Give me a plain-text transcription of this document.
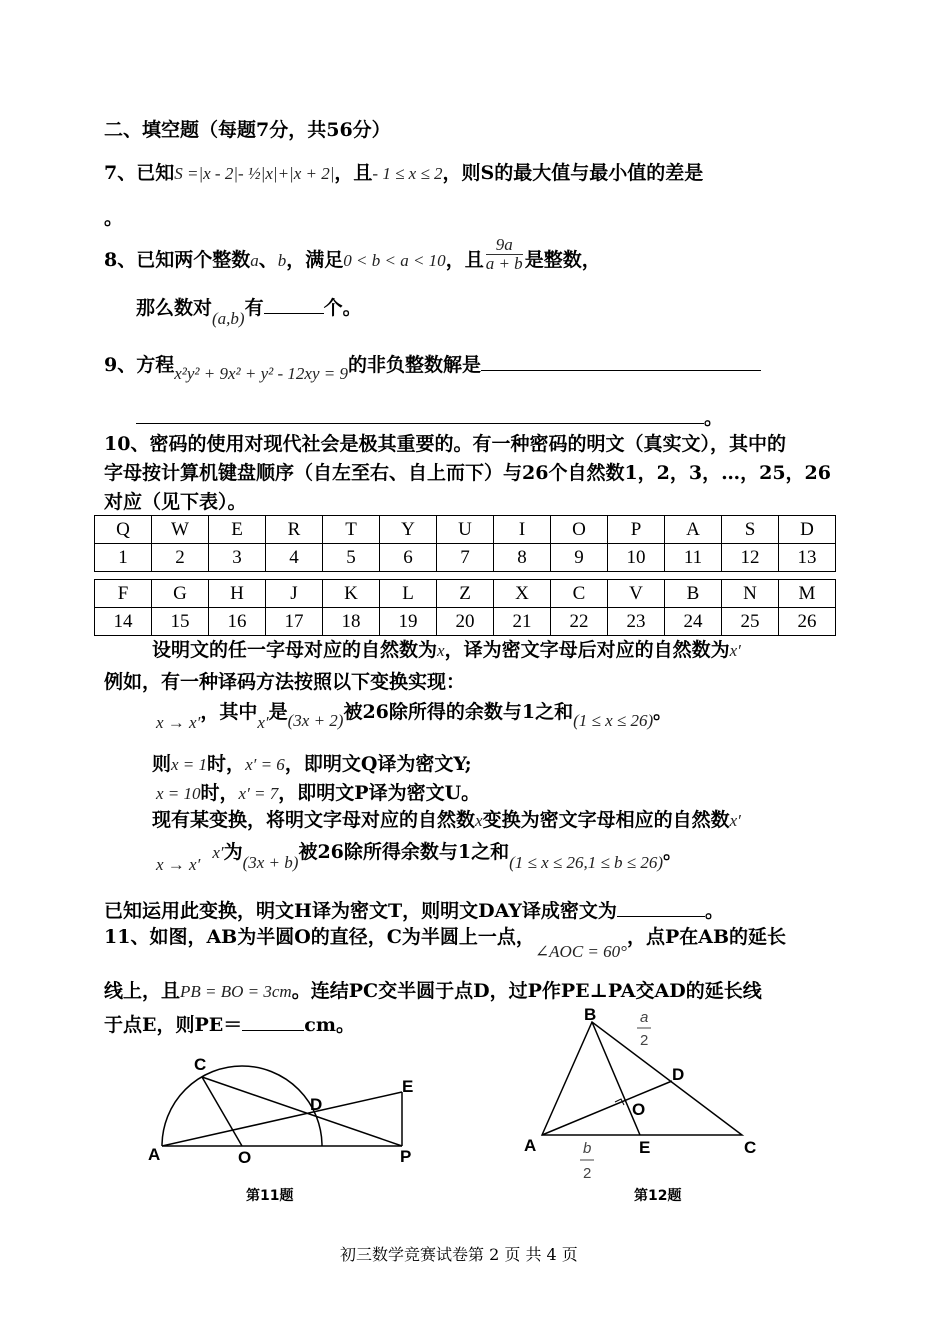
二、填空题（每题7分，共56分）
7、已知S =|x - 2|- ½|x|+|x + 2|，且- 1 ≤ x ≤ 2，则S的最大值与最小值的差是
。
8、已知两个整数a、b，满足0 < b < a < 10，且 $\frac{9a}{a + b}$ 是整数，
那么数对(a,b)有	个。
9、方程x²y² + 9x² + y² - 12xy = 9的非负整数解是
。
10、密码的使用对现代社会是极其重要的。有一种密码的明文（真实文），其中的
字母按计算机键盘顺序（自左至右、自上而下）与26个自然数1，2，3，…，25，26
对应（见下表）。
Q	W	E	R	T	Y	U	I	O	P	A	S	D
1	2	3	4	5	6	7	8	9	10	11	12	13
F	G	H	J	K	L	Z	X	C	V	B	N	M
14	15	16	17	18	19	20	21	22	23	24	25	26
设明文的任一字母对应的自然数为x，译为密文字母后对应的自然数为x′
例如，有一种译码方法按照以下变换实现：
x → x′，其中x′是(3x + 2)被26除所得的余数与1之和(1 ≤ x ≤ 26)。
则x = 1时，x′ = 6，即明文Q译为密文Y;
x = 10时，x′ = 7，即明文P译为密文U。
现有某变换，将明文字母对应的自然数x变换为密文字母相应的自然数x′
x → x′x′为(3x + b)被26除所得余数与1之和(1 ≤ x ≤ 26,1 ≤ b ≤ 26)。
已知运用此变换，明文H译为密文T，则明文DAY译成密文为	。
11、如图，AB为半圆O的直径，C为半圆上一点，∠AOC = 60°，点P在AB的延长
线上，且PB = BO = 3cm。连结PC交半圆于点D，过P作PE⊥PA交AD的延长线
于点E，则PE＝	cm。
A	O
C
D
E
P
第11题
A
B
C
D
E
O
a
2
b
2
第12题
初三数学竞赛试卷第 2 页 共 4 页
